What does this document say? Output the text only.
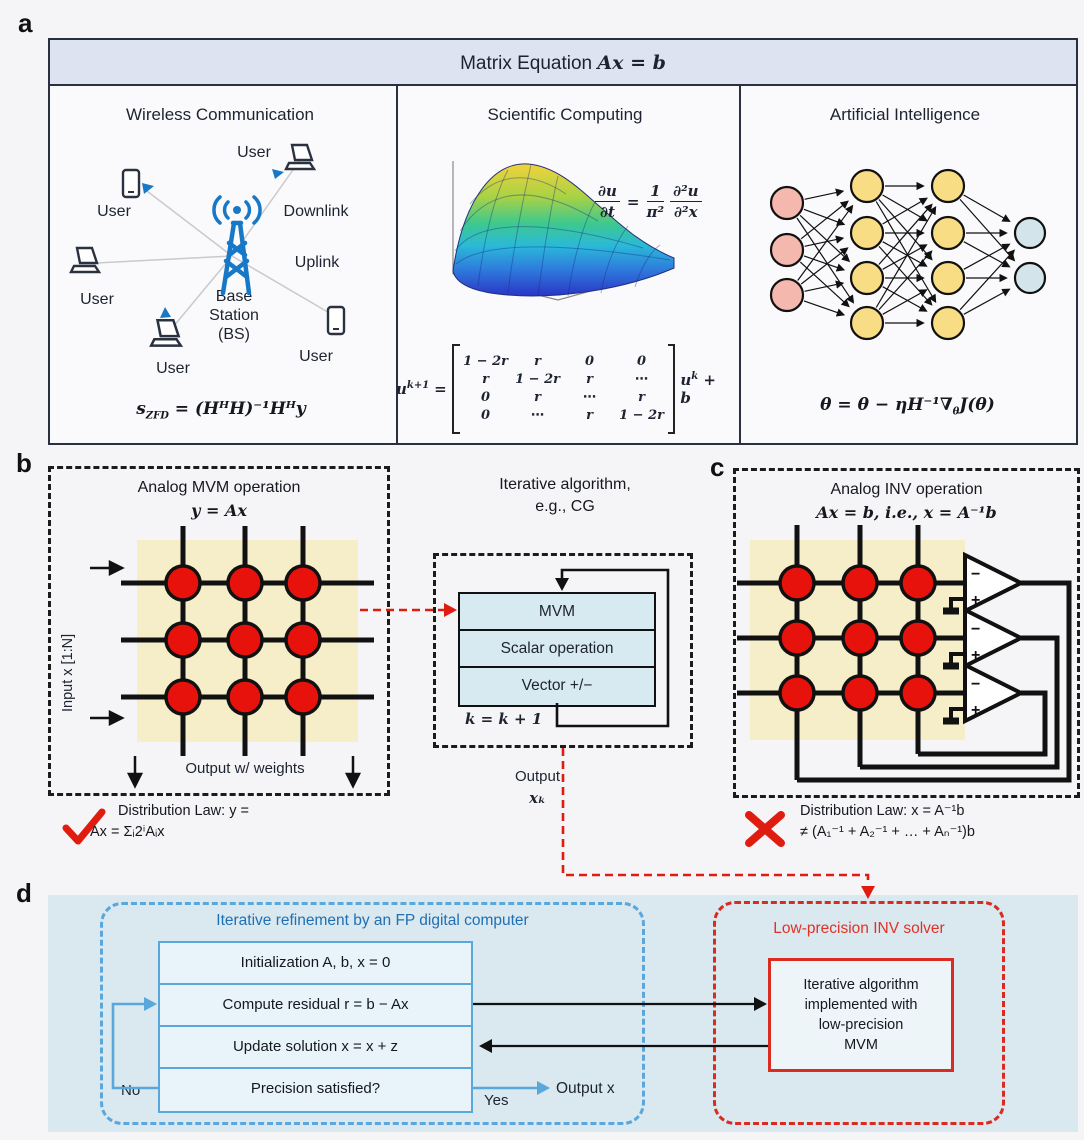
a
Matrix Equation Ax = b
Wireless Communication
User
User	Downlink
Uplink
User
User
User
Base
Station
(BS)
$s_{ZFD}$ = (HᴴH)⁻¹Hᴴy
Scientific Computing
$\frac{\partial u}{\partial t} = \frac{1}{\text{π²}} \frac{\text{∂²u}}{\text{∂²x}}$
$u^{k+1}$ =
1 − 2r	r	0	0
r	1 − 2r	r	⋯
0	r	⋯	r
0	⋯	r	1 − 2r
$u^k + b$
Artificial Intelligence
$\theta = \theta - \eta H^{-1}\nabla_\theta J(\theta)$
b
Analog MVM operation
y = Ax
Input x [1:N]
Output w/ weights
Distribution Law: y =
Ax = Σᵢ2ⁱAᵢx
Iterative algorithm,
e.g., CG
MVM
Scalar operation
Vector +/−
k = k + 1
Output
xₖ
c
Analog INV operation
Ax = b, i.e., x = A⁻¹b
−
+
−
+
−
+
Distribution Law: x = A⁻¹b
≠ (A₁⁻¹ + A₂⁻¹ + … + Aₙ⁻¹)b
d
Iterative refinement by an FP digital computer
Initialization A, b, x = 0
Compute residual r = b − Ax
Update solution x = x + z
Precision satisfied?
No
Yes
Output x
Low-precision INV solver
Iterative algorithm
implemented with
low-precision
MVM
